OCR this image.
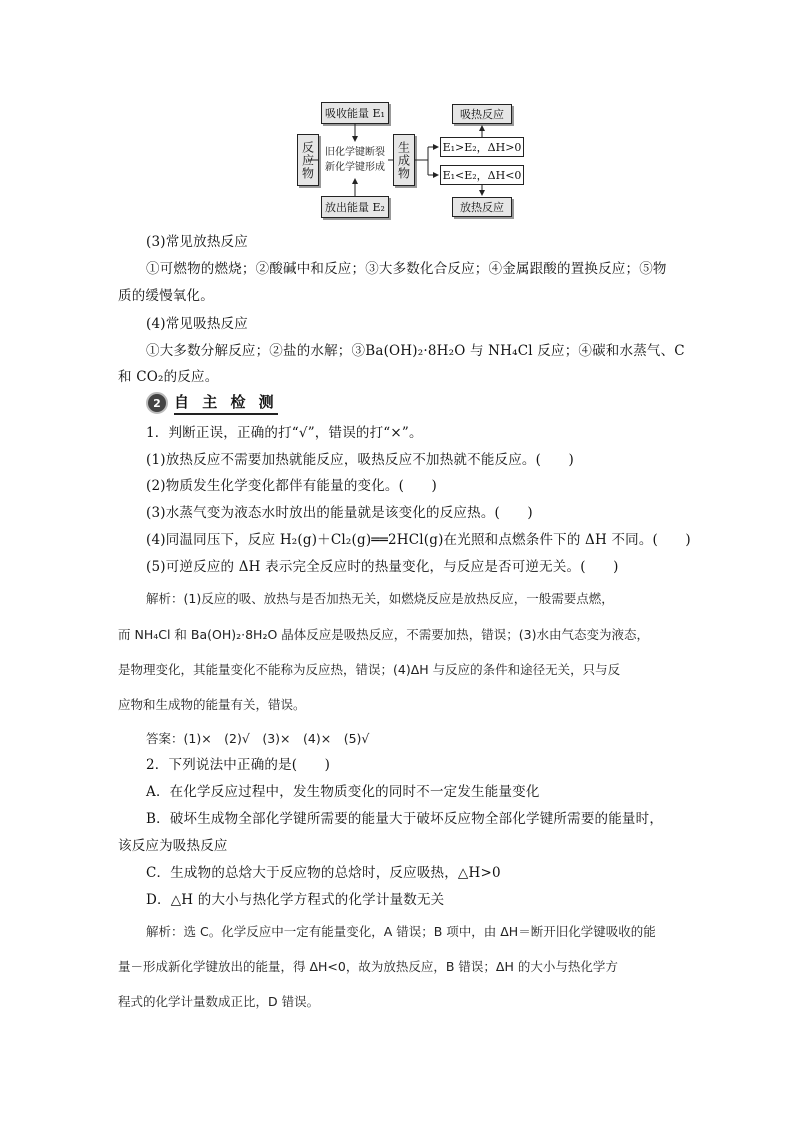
吸收能量 E₁
放出能量 E₂
反应物 旧化学键断裂
新化学键形成 生成物
吸热反应
E₁>E₂，ΔH>0
E₁<E₂，ΔH<0
放热反应
(3)常见放热反应
①可燃物的燃烧；②酸碱中和反应；③大多数化合反应；④金属跟酸的置换反应；⑤物
质的缓慢氧化。
(4)常见吸热反应
①大多数分解反应；②盐的水解；③Ba(OH)₂·8H₂O 与 NH₄Cl 反应；④碳和水蒸气、C
和 CO₂的反应。
2 自 主 检 测
1．判断正误，正确的打“√”，错误的打“×”。
(1)放热反应不需要加热就能反应，吸热反应不加热就不能反应。(　　)
(2)物质发生化学变化都伴有能量的变化。(　　)
(3)水蒸气变为液态水时放出的能量就是该变化的反应热。(　　)
(4)同温同压下，反应 H₂(g)＋Cl₂(g)══2HCl(g)在光照和点燃条件下的 ΔH 不同。(　　)
(5)可逆反应的 ΔH 表示完全反应时的热量变化，与反应是否可逆无关。(　　)
解析：(1)反应的吸、放热与是否加热无关，如燃烧反应是放热反应，一般需要点燃，
而 NH₄Cl 和 Ba(OH)₂·8H₂O 晶体反应是吸热反应，不需要加热，错误；(3)水由气态变为液态，
是物理变化，其能量变化不能称为反应热，错误；(4)ΔH 与反应的条件和途径无关，只与反
应物和生成物的能量有关，错误。
答案：(1)×　(2)√　(3)×　(4)×　(5)√
2．下列说法中正确的是(　　)
A．在化学反应过程中，发生物质变化的同时不一定发生能量变化
B．破坏生成物全部化学键所需要的能量大于破坏反应物全部化学键所需要的能量时，
该反应为吸热反应
C．生成物的总焓大于反应物的总焓时，反应吸热，△H>0
D．△H 的大小与热化学方程式的化学计量数无关
解析：选 C。化学反应中一定有能量变化，A 错误；B 项中，由 ΔH＝断开旧化学键吸收的能
量－形成新化学键放出的能量，得 ΔH<0，故为放热反应，B 错误；ΔH 的大小与热化学方
程式的化学计量数成正比，D 错误。
